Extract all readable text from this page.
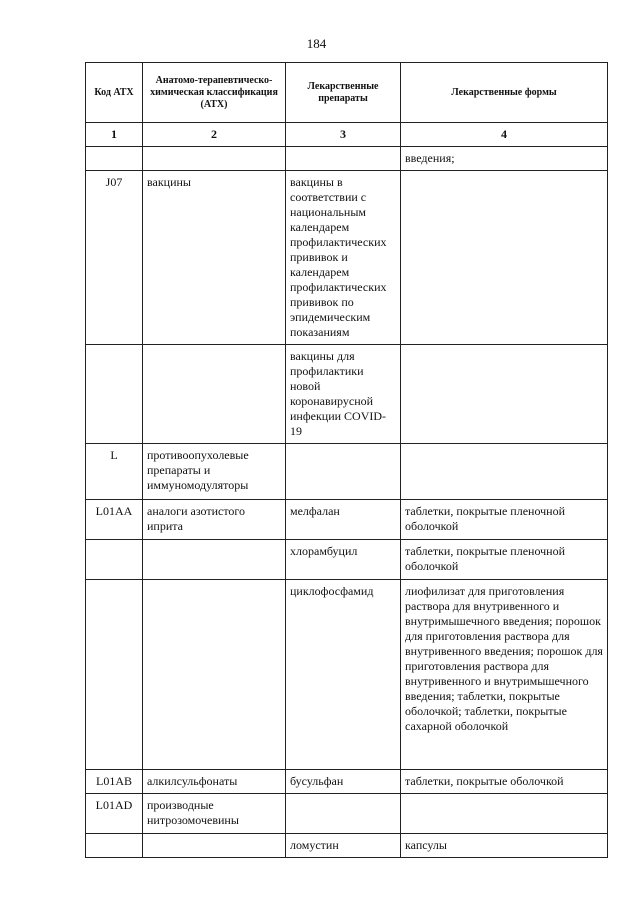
184
Код АТХ	Анатомо-терапевтическо-химическая классификация (АТХ)	Лекарственные препараты	Лекарственные формы
1	2	3	4
			введения;
J07	вакцины	вакцины в соответствии с национальным календарем профилактических прививок и календарем профилактических прививок по эпидемическим показаниям	
		вакцины для профилактики новой коронавирусной инфекции COVID-19	
L	противоопухолевые препараты и иммуномодуляторы		
L01AA	аналоги азотистого иприта	мелфалан	таблетки, покрытые пленочной оболочкой
		хлорамбуцил	таблетки, покрытые пленочной оболочкой
		циклофосфамид	лиофилизат для приготовления раствора для внутривенного и внутримышечного введения; порошок для приготовления раствора для внутривенного введения; порошок для приготовления раствора для внутривенного и внутримышечного введения; таблетки, покрытые оболочкой; таблетки, покрытые сахарной оболочкой
L01AB	алкилсульфонаты	бусульфан	таблетки, покрытые оболочкой
L01AD	производные нитрозомочевины		
		ломустин	капсулы
